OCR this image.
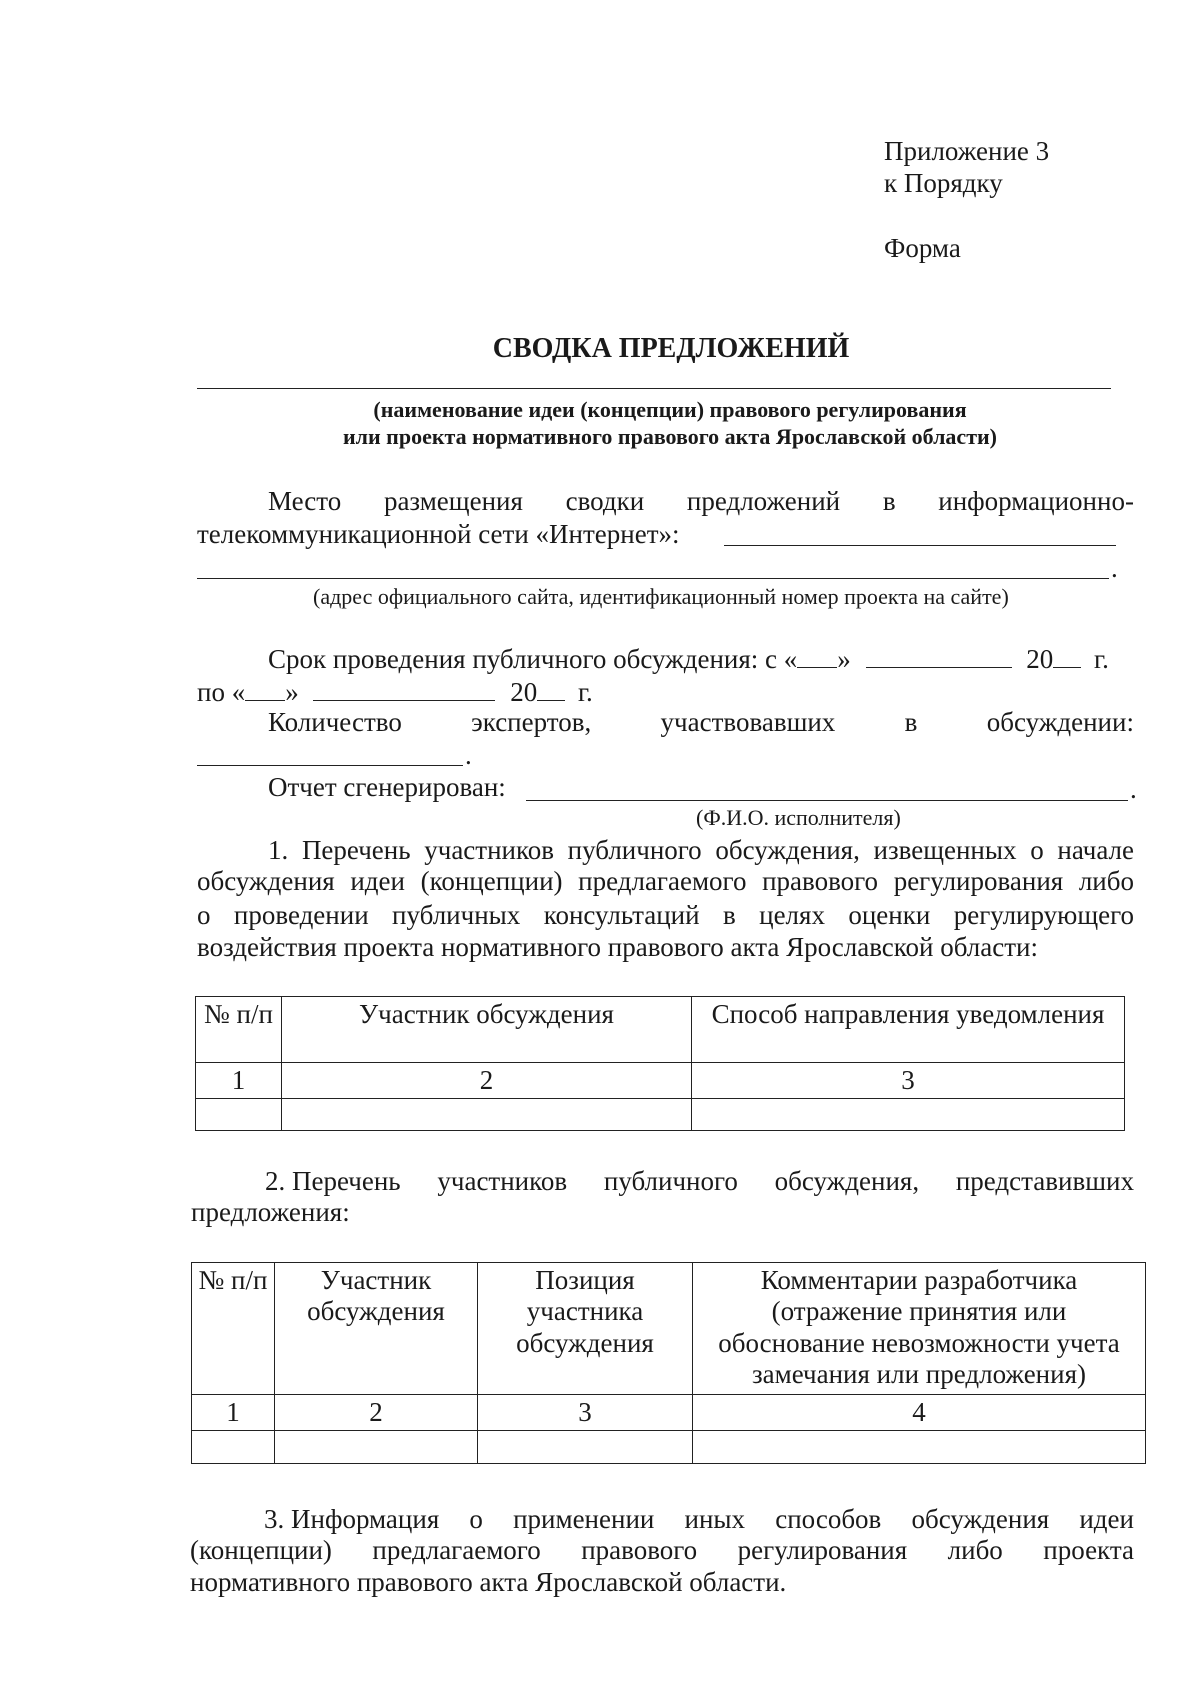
Приложение 3
к Порядку
Форма
СВОДКА ПРЕДЛОЖЕНИЙ
(наименование идеи (концепции) правового регулирования
или проекта нормативного правового акта Ярославской области)
Место размещения сводки предложений в информационно-
телекоммуникационной сети «Интернет»:
.
(адрес официального сайта, идентификационный номер проекта на сайте)
Срок проведения публичного обсуждения: с « »	20 г.
по « »	20 г.
Количество	экспертов,	участвовавших	в	обсуждении:
.
Отчет сгенерирован:	.
(Ф.И.О. исполнителя)
1. Перечень участников публичного обсуждения, извещенных о начале
обсуждения идеи (концепции) предлагаемого правового регулирования либо
о проведении публичных консультаций в целях оценки регулирующего
воздействия проекта нормативного правового акта Ярославской области:
№ п/п	Участник обсуждения	Способ направления уведомления
1	2	3

2. Перечень участников публичного обсуждения, представивших
предложения:
№ п/п	Участник обсуждения	Позиция участника обсуждения	Комментарии разработчика (отражение принятия или обоснование невозможности учета замечания или предложения)
1	2	3	4

3. Информация о применении иных способов обсуждения идеи
(концепции) предлагаемого правового регулирования либо проекта
нормативного правового акта Ярославской области.
